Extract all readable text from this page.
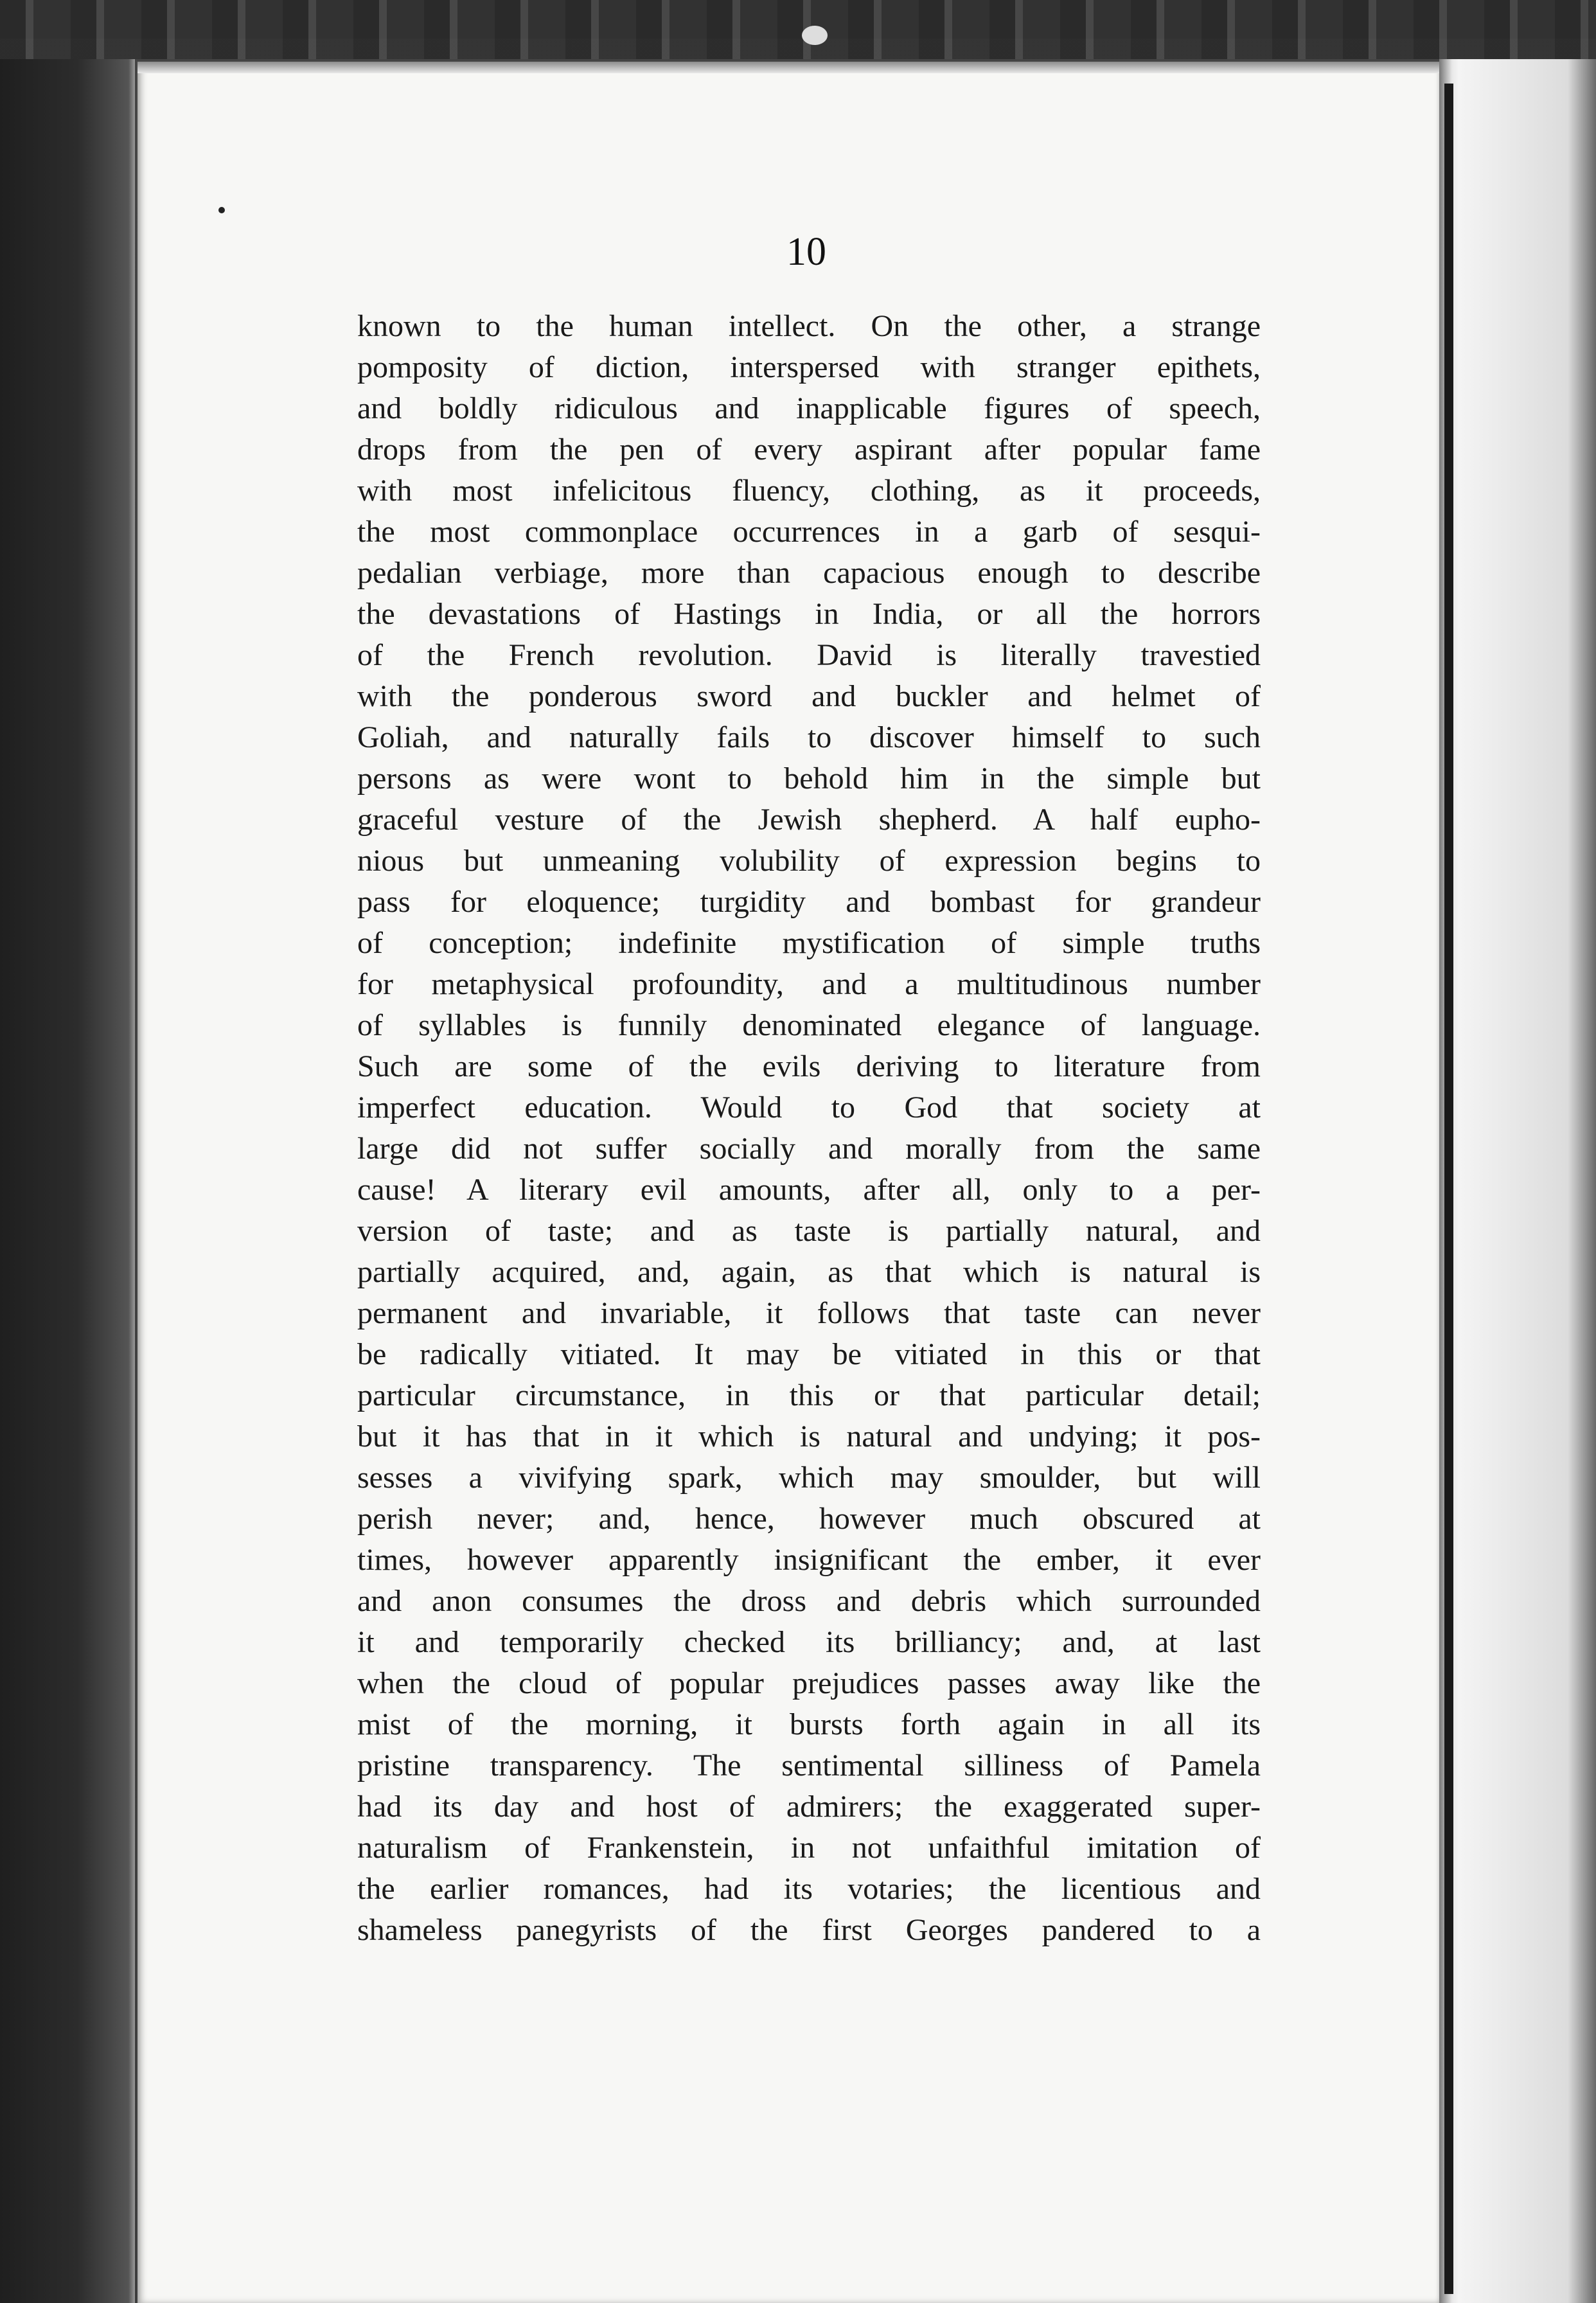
10
known to the human intellect. On the other, a strange
pomposity of diction, interspersed with stranger epithets,
and boldly ridiculous and inapplicable figures of speech,
drops from the pen of every aspirant after popular fame
with most infelicitous fluency, clothing, as it proceeds,
the most commonplace occurrences in a garb of sesqui-
pedalian verbiage, more than capacious enough to describe
the devastations of Hastings in India, or all the horrors
of the French revolution. David is literally travestied
with the ponderous sword and buckler and helmet of
Goliah, and naturally fails to discover himself to such
persons as were wont to behold him in the simple but
graceful vesture of the Jewish shepherd. A half eupho-
nious but unmeaning volubility of expression begins to
pass for eloquence; turgidity and bombast for grandeur
of conception; indefinite mystification of simple truths
for metaphysical profoundity, and a multitudinous number
of syllables is funnily denominated elegance of language.
Such are some of the evils deriving to literature from
imperfect education. Would to God that society at
large did not suffer socially and morally from the same
cause! A literary evil amounts, after all, only to a per-
version of taste; and as taste is partially natural, and
partially acquired, and, again, as that which is natural is
permanent and invariable, it follows that taste can never
be radically vitiated. It may be vitiated in this or that
particular circumstance, in this or that particular detail;
but it has that in it which is natural and undying; it pos-
sesses a vivifying spark, which may smoulder, but will
perish never; and, hence, however much obscured at
times, however apparently insignificant the ember, it ever
and anon consumes the dross and debris which surrounded
it and temporarily checked its brilliancy; and, at last
when the cloud of popular prejudices passes away like the
mist of the morning, it bursts forth again in all its
pristine transparency. The sentimental silliness of Pamela
had its day and host of admirers; the exaggerated super-
naturalism of Frankenstein, in not unfaithful imitation of
the earlier romances, had its votaries; the licentious and
shameless panegyrists of the first Georges pandered to a
